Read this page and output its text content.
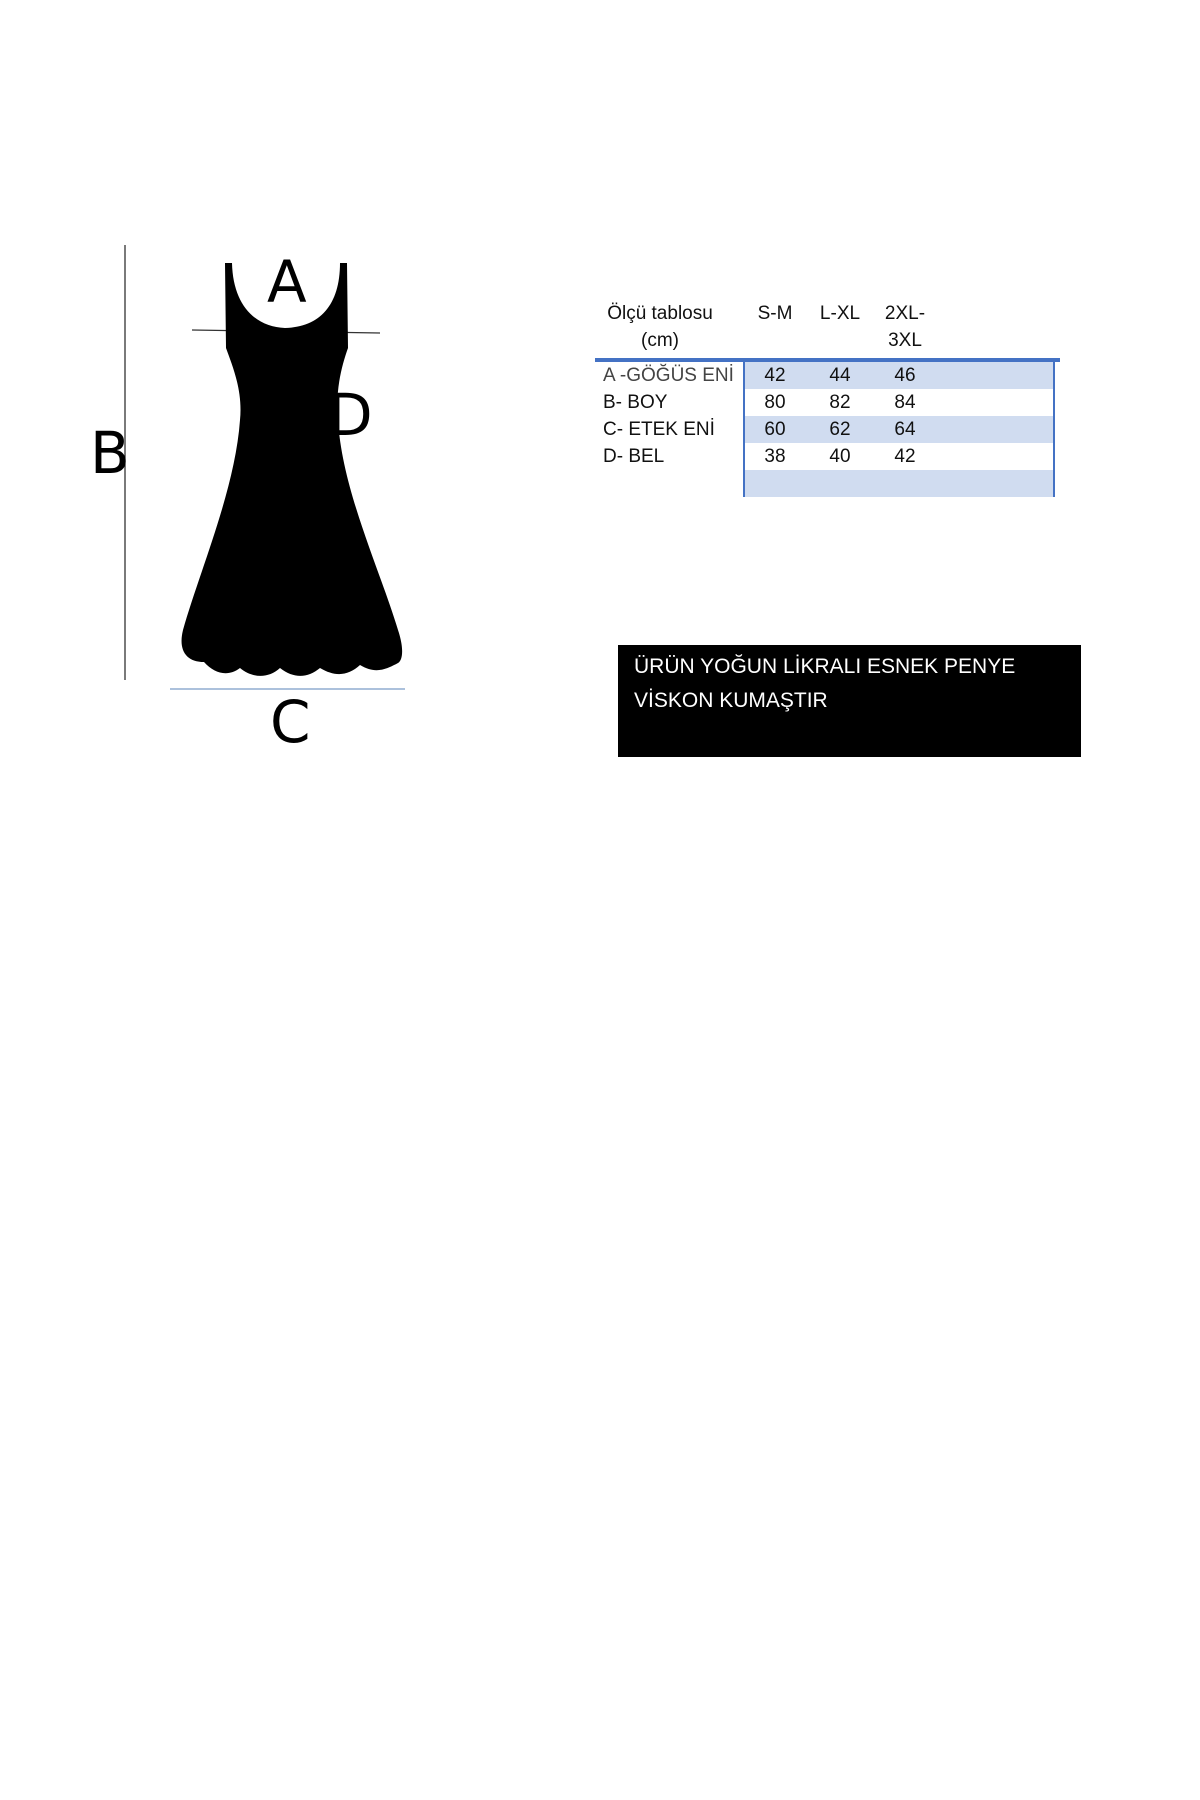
A
B
D
C
Ölçü tablosu
(cm)
S-M	L-XL	2XL-
3XL
A -GÖĞÜS ENİ	42	44	46
B- BOY	80	82	84
C- ETEK ENİ	60	62	64
D- BEL	38	40	42
ÜRÜN YOĞUN LİKRALI ESNEK PENYE
VİSKON KUMAŞTIR
